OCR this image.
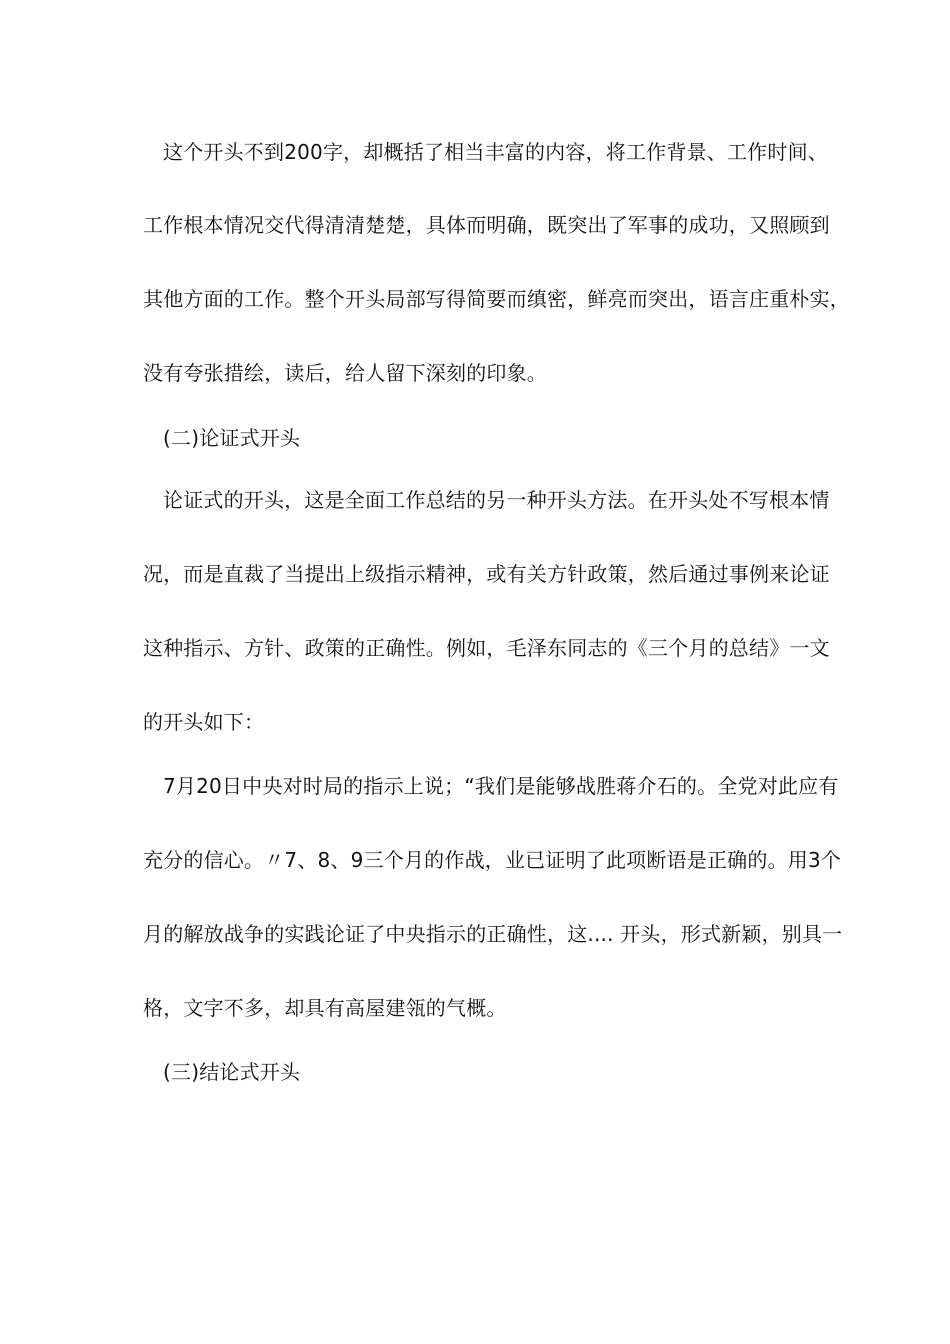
这个开头不到200字，却概括了相当丰富的内容，将工作背景、工作时间、
工作根本情况交代得清清楚楚，具体而明确，既突出了军事的成功，又照顾到
其他方面的工作。整个开头局部写得简要而缜密，鲜亮而突出，语言庄重朴实，
没有夸张措绘，读后，给人留下深刻的印象。
(二)论证式开头
论证式的开头，这是全面工作总结的另一种开头方法。在开头处不写根本情
况，而是直裁了当提出上级指示精神，或有关方针政策，然后通过事例来论证
这种指示、方针、政策的正确性。例如，毛泽东同志的《三个月的总结》一文
的开头如下：
7月20日中央对时局的指示上说；“我们是能够战胜蒋介石的。全党对此应有
充分的信心。〃7、8、9三个月的作战，业已证明了此项断语是正确的。用3个
月的解放战争的实践论证了中央指示的正确性，这.... 开头，形式新颖，别具一
格，文字不多，却具有高屋建瓴的气概。
(三)结论式开头
